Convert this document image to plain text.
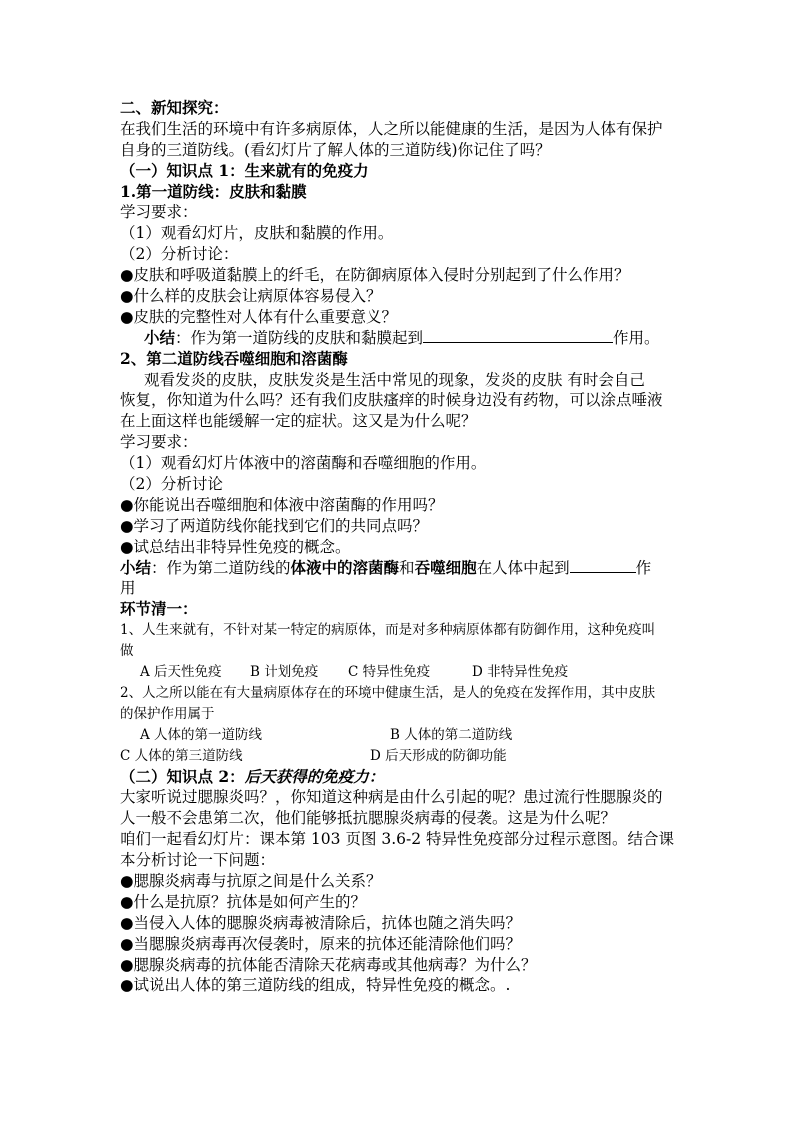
二、新知探究：
在我们生活的环境中有许多病原体，人之所以能健康的生活，是因为人体有保护
自身的三道防线。(看幻灯片了解人体的三道防线)你记住了吗？
（一）知识点 1：生来就有的免疫力
1.第一道防线：皮肤和黏膜
学习要求：
（1）观看幻灯片，皮肤和黏膜的作用。
（2）分析讨论：
●皮肤和呼吸道黏膜上的纤毛，在防御病原体入侵时分别起到了什么作用？
●什么样的皮肤会让病原体容易侵入？
●皮肤的完整性对人体有什么重要意义？
小结：作为第一道防线的皮肤和黏膜起到	作用。
2、第二道防线吞噬细胞和溶菌酶
观看发炎的皮肤，皮肤发炎是生活中常见的现象，发炎的皮肤 有时会自己
恢复，你知道为什么吗？还有我们皮肤瘙痒的时候身边没有药物，可以涂点唾液
在上面这样也能缓解一定的症状。这又是为什么呢？
学习要求：
（1）观看幻灯片体液中的溶菌酶和吞噬细胞的作用。
（2）分析讨论
●你能说出吞噬细胞和体液中溶菌酶的作用吗？
●学习了两道防线你能找到它们的共同点吗？
●试总结出非特异性免疫的概念。
小结：作为第二道防线的体液中的溶菌酶和吞噬细胞在人体中起到	作
用
环节清一：
1、人生来就有，不针对某一特定的病原体，而是对多种病原体都有防御作用，这种免疫叫
做
A 后天性免疫 B 计划免疫 C 特异性免疫	D 非特异性免疫
2、人之所以能在有大量病原体存在的环境中健康生活，是人的免疫在发挥作用，其中皮肤
的保护作用属于
A 人体的第一道防线	B 人体的第二道防线
C 人体的第三道防线	D 后天形成的防御功能
（二）知识点 2：后天获得的免疫力：
大家听说过腮腺炎吗？，你知道这种病是由什么引起的呢？患过流行性腮腺炎的
人一般不会患第二次，他们能够抵抗腮腺炎病毒的侵袭。这是为什么呢？
咱们一起看幻灯片：课本第 103 页图 3.6-2 特异性免疫部分过程示意图。结合课
本分析讨论一下问题：
●腮腺炎病毒与抗原之间是什么关系？
●什么是抗原？抗体是如何产生的？
●当侵入人体的腮腺炎病毒被清除后，抗体也随之消失吗？
●当腮腺炎病毒再次侵袭时，原来的抗体还能清除他们吗？
●腮腺炎病毒的抗体能否清除天花病毒或其他病毒？为什么？
●试说出人体的第三道防线的组成，特异性免疫的概念。.
